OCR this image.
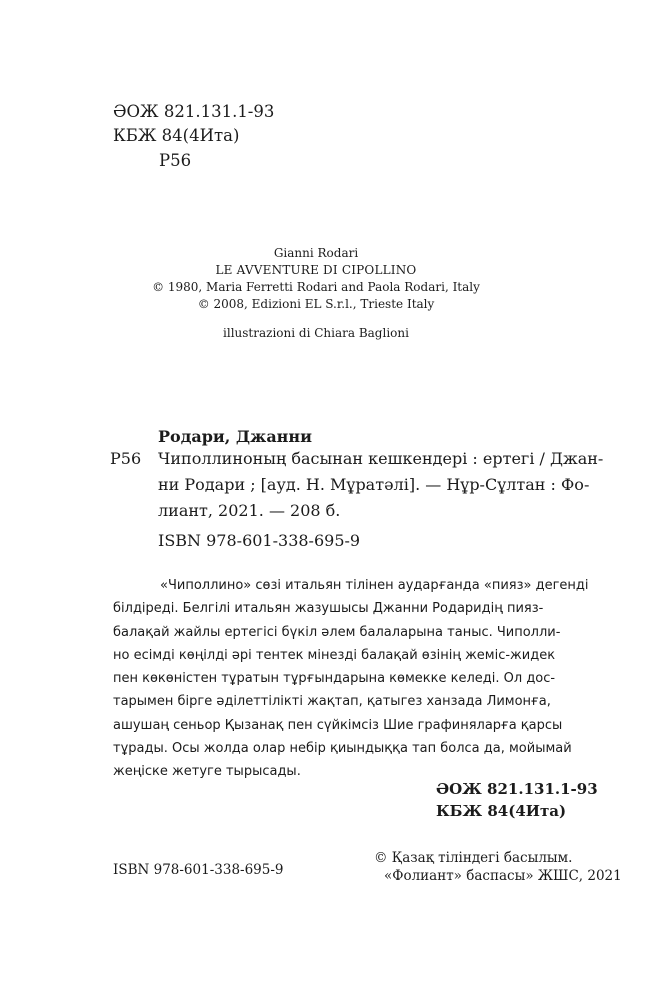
ӘОЖ 821.131.1-93
КБЖ 84(4Ита)
Р56
Gianni Rodari
LE AVVENTURE DI CIPOLLINO
© 1980, Maria Ferretti Rodari and Paola Rodari, Italy
© 2008, Edizioni EL S.r.l., Trieste Italy
illustrazioni di Chiara Baglioni
Родари, Джанни
Р56 Чиполлиноның басынан кешкендері : ертегі / Джан-
ни Родари ; [ауд. Н. Мұратәлі]. — Нұр-Сұлтан : Фо-
лиант, 2021. — 208 б.
ISBN 978-601-338-695-9
«Чиполлино» сөзі итальян тілінен аударғанда «пияз» дегенді
білдіреді. Белгілі итальян жазушысы Джанни Родаридің пияз-
балақай жайлы ертегісі бүкіл әлем балаларына таныс. Чиполли-
но есімді көңілді әрі тентек мінезді балақай өзінің жеміс-жидек
пен көкөністен тұратын тұрғындарына көмекке келеді. Ол дос-
тарымен бірге әділеттілікті жақтап, қатыгез ханзада Лимонға,
ашушаң сеньор Қызанақ пен сүйкімсіз Шие графиняларға қарсы
тұрады. Осы жолда олар небір қиындыққа тап болса да, мойымай
жеңіске жетуге тырысады.
ӘОЖ 821.131.1-93
КБЖ 84(4Ита)
ISBN 978-601-338-695-9
© Қазақ тіліндегі басылым.
«Фолиант» баспасы» ЖШС, 2021
